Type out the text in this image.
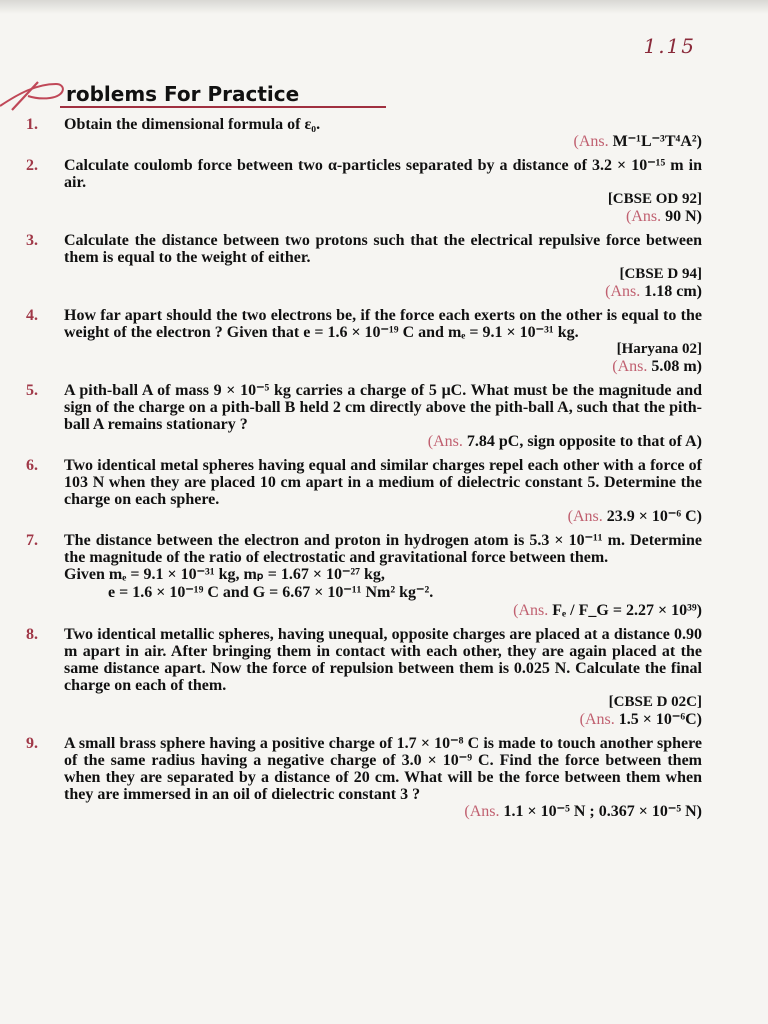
1.15
roblems For Practice
1. Obtain the dimensional formula of ε₀.
(Ans. M⁻¹L⁻³T⁴A²)
2. Calculate coulomb force between two α-particles separated by a distance of 3.2 × 10⁻¹⁵ m in air.
[CBSE OD 92]
(Ans. 90 N)
3. Calculate the distance between two protons such that the electrical repulsive force between them is equal to the weight of either.
[CBSE D 94]
(Ans. 1.18 cm)
4. How far apart should the two electrons be, if the force each exerts on the other is equal to the weight of the electron ? Given that e = 1.6 × 10⁻¹⁹ C and mₑ = 9.1 × 10⁻³¹ kg.
[Haryana 02]
(Ans. 5.08 m)
5. A pith-ball A of mass 9 × 10⁻⁵ kg carries a charge of 5 μC. What must be the magnitude and sign of the charge on a pith-ball B held 2 cm directly above the pith-ball A, such that the pith-ball A remains stationary ?
(Ans. 7.84 pC, sign opposite to that of A)
6. Two identical metal spheres having equal and similar charges repel each other with a force of 103 N when they are placed 10 cm apart in a medium of dielectric constant 5. Determine the charge on each sphere.
(Ans. 23.9 × 10⁻⁶ C)
7. The distance between the electron and proton in hydrogen atom is 5.3 × 10⁻¹¹ m. Determine the magnitude of the ratio of electrostatic and gravitational force between them.
Given mₑ = 9.1 × 10⁻³¹ kg, mₚ = 1.67 × 10⁻²⁷ kg,
e = 1.6 × 10⁻¹⁹ C and G = 6.67 × 10⁻¹¹ Nm² kg⁻².
(Ans. Fₑ / F_G = 2.27 × 10³⁹)
8. Two identical metallic spheres, having unequal, opposite charges are placed at a distance 0.90 m apart in air. After bringing them in contact with each other, they are again placed at the same distance apart. Now the force of repulsion between them is 0.025 N. Calculate the final charge on each of them.
[CBSE D 02C]
(Ans. 1.5 × 10⁻⁶C)
9. A small brass sphere having a positive charge of 1.7 × 10⁻⁸ C is made to touch another sphere of the same radius having a negative charge of 3.0 × 10⁻⁹ C. Find the force between them when they are separated by a distance of 20 cm. What will be the force between them when they are immersed in an oil of dielectric constant 3 ?
(Ans. 1.1 × 10⁻⁵ N ; 0.367 × 10⁻⁵ N)
